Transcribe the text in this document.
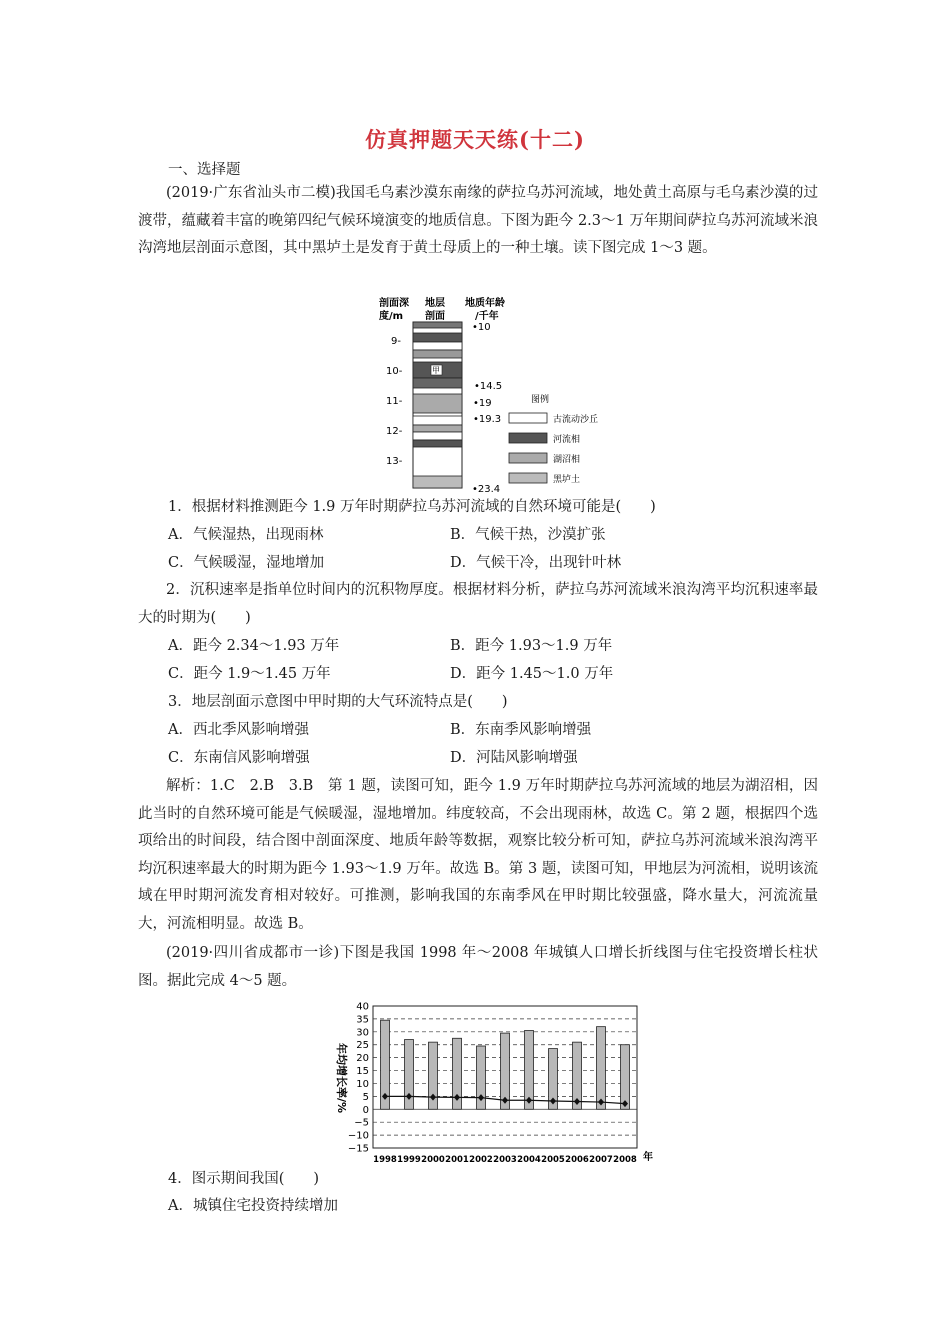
仿真押题天天练(十二)
一、选择题
(2019·广东省汕头市二模)我国毛乌素沙漠东南缘的萨拉乌苏河流域，地处黄土高原与毛乌素沙漠的过渡带，蕴藏着丰富的晚第四纪气候环境演变的地质信息。下图为距今 2.3～1 万年期间萨拉乌苏河流域米浪沟湾地层剖面示意图，其中黑垆土是发育于黄土母质上的一种土壤。读下图完成 1～3 题。
剖面深
度/m
地层
剖面
地质年龄
/千年
甲
9-
10-
11-
12-
13-
•10
•14.5
•19
•19.3
•23.4
图例
古流动沙丘
河流相
湖沼相
黑垆土
1．根据材料推测距今 1.9 万年时期萨拉乌苏河流域的自然环境可能是(　　)
A．气候湿热，出现雨林	B．气候干热，沙漠扩张
C．气候暖湿，湿地增加	D．气候干冷，出现针叶林
2．沉积速率是指单位时间内的沉积物厚度。根据材料分析，萨拉乌苏河流域米浪沟湾平均沉积速率最大的时期为(　　)
A．距今 2.34～1.93 万年	B．距今 1.93～1.9 万年
C．距今 1.9～1.45 万年	D．距今 1.45～1.0 万年
3．地层剖面示意图中甲时期的大气环流特点是(　　)
A．西北季风影响增强	B．东南季风影响增强
C．东南信风影响增强	D．河陆风影响增强
解析：1.C　2.B　3.B　第 1 题，读图可知，距今 1.9 万年时期萨拉乌苏河流域的地层为湖沼相，因此当时的自然环境可能是气候暖湿，湿地增加。纬度较高，不会出现雨林，故选 C。第 2 题，根据四个选项给出的时间段，结合图中剖面深度、地质年龄等数据，观察比较分析可知，萨拉乌苏河流域米浪沟湾平均沉积速率最大的时期为距今 1.93～1.9 万年。故选 B。第 3 题，读图可知，甲地层为河流相，说明该流域在甲时期河流发育相对较好。可推测，影响我国的东南季风在甲时期比较强盛，降水量大，河流流量大，河流相明显。故选 B。
(2019·四川省成都市一诊)下图是我国 1998 年～2008 年城镇人口增长折线图与住宅投资增长柱状图。据此完成 4～5 题。
40
35
30
25
20
15
10
5
0
−5
−10
−15
1998 1999 2000 2001 2002 2003 2004 2005 2006 2007 2008
年均增长率/%
年
4．图示期间我国(　　)
A．城镇住宅投资持续增加
